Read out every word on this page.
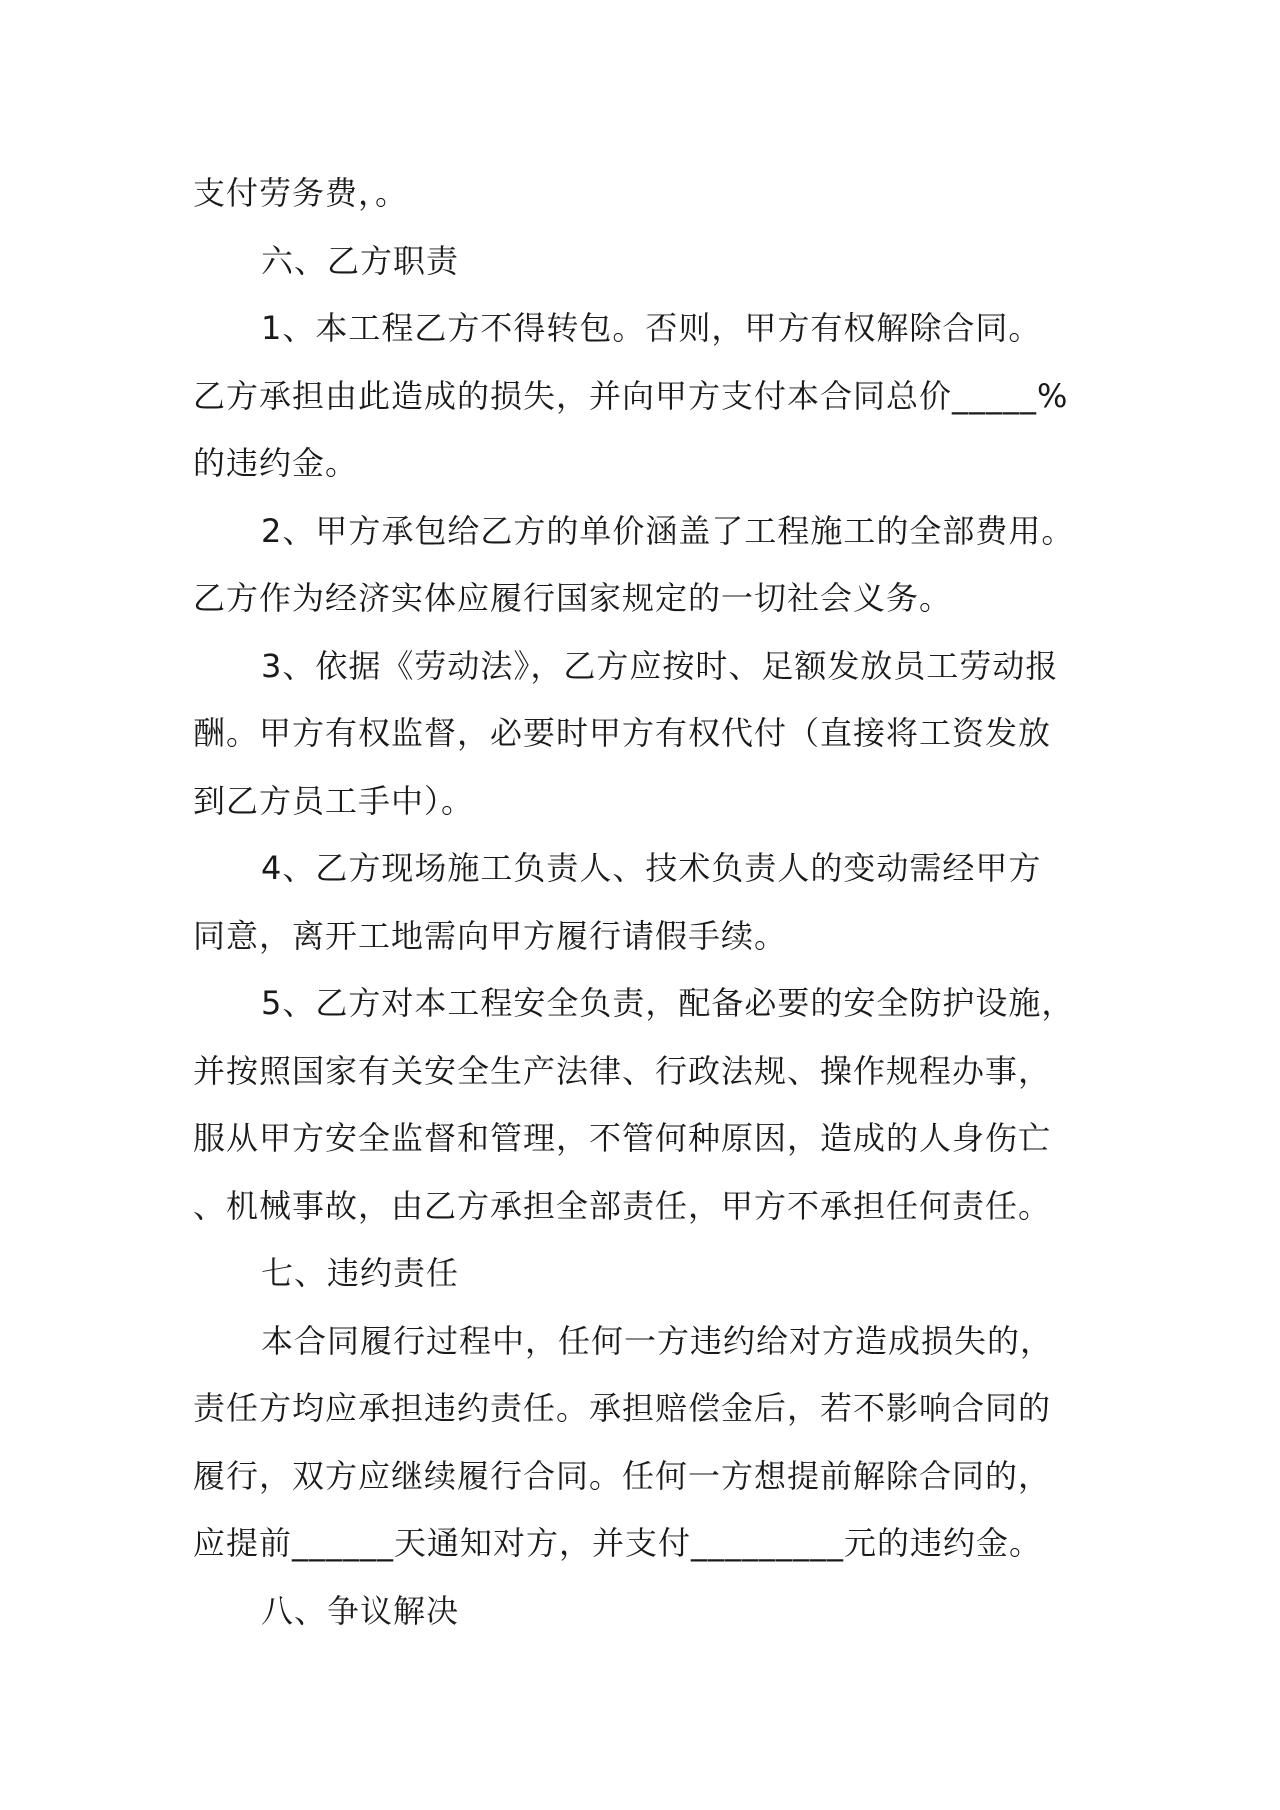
支付劳务费，。
六、乙方职责
1、本工程乙方不得转包。否则，甲方有权解除合同。
乙方承担由此造成的损失，并向甲方支付本合同总价_____%
的违约金。
2、甲方承包给乙方的单价涵盖了工程施工的全部费用。
乙方作为经济实体应履行国家规定的一切社会义务。
3、依据《劳动法》，乙方应按时、足额发放员工劳动报
酬。甲方有权监督，必要时甲方有权代付（直接将工资发放
到乙方员工手中）。
4、乙方现场施工负责人、技术负责人的变动需经甲方
同意，离开工地需向甲方履行请假手续。
5、乙方对本工程安全负责，配备必要的安全防护设施，
并按照国家有关安全生产法律、行政法规、操作规程办事，
服从甲方安全监督和管理，不管何种原因，造成的人身伤亡
、机械事故，由乙方承担全部责任，甲方不承担任何责任。
七、违约责任
本合同履行过程中，任何一方违约给对方造成损失的，
责任方均应承担违约责任。承担赔偿金后，若不影响合同的
履行，双方应继续履行合同。任何一方想提前解除合同的，
应提前______天通知对方，并支付_________元的违约金。
八、争议解决
